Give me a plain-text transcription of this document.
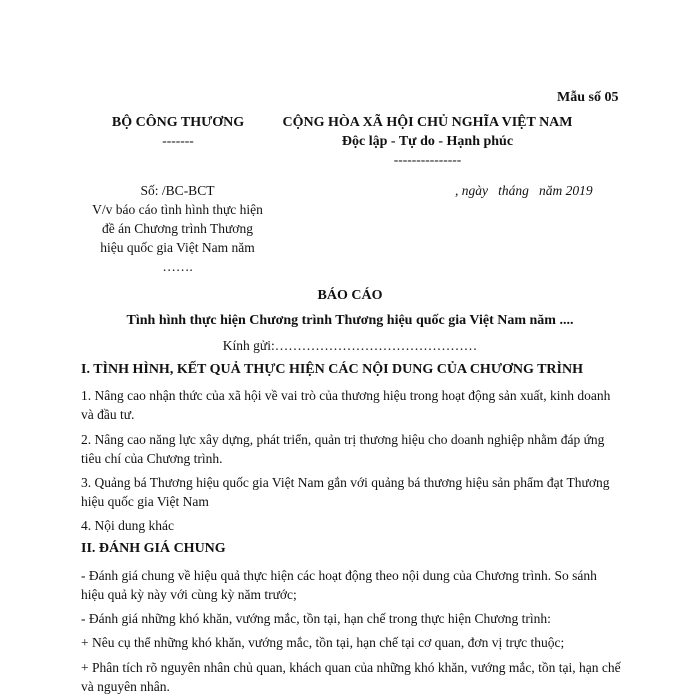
Mẫu số 05
BỘ CÔNG THƯƠNG
-------
CỘNG HÒA XÃ HỘI CHỦ NGHĨA VIỆT NAM
Độc lập - Tự do - Hạnh phúc
---------------
Số: /BC-BCT
V/v báo cáo tình hình thực hiện
đề án Chương trình Thương
hiệu quốc gia Việt Nam năm
…….
, ngày   tháng   năm 2019
BÁO CÁO
Tình hình thực hiện Chương trình Thương hiệu quốc gia Việt Nam năm ....
Kính gửi:………………………………………
I. TÌNH HÌNH, KẾT QUẢ THỰC HIỆN CÁC NỘI DUNG CỦA CHƯƠNG TRÌNH
1. Nâng cao nhận thức của xã hội về vai trò của thương hiệu trong hoạt động sản xuất, kinh doanh và đầu tư.
2. Nâng cao năng lực xây dựng, phát triển, quản trị thương hiệu cho doanh nghiệp nhằm đáp ứng tiêu chí của Chương trình.
3. Quảng bá Thương hiệu quốc gia Việt Nam gắn với quảng bá thương hiệu sản phẩm đạt Thương hiệu quốc gia Việt Nam
4. Nội dung khác
II. ĐÁNH GIÁ CHUNG
- Đánh giá chung về hiệu quả thực hiện các hoạt động theo nội dung của Chương trình. So sánh hiệu quả kỳ này với cùng kỳ năm trước;
- Đánh giá những khó khăn, vướng mắc, tồn tại, hạn chế trong thực hiện Chương trình:
+ Nêu cụ thể những khó khăn, vướng mắc, tồn tại, hạn chế tại cơ quan, đơn vị trực thuộc;
+ Phân tích rõ nguyên nhân chủ quan, khách quan của những khó khăn, vướng mắc, tồn tại, hạn chế và nguyên nhân.
